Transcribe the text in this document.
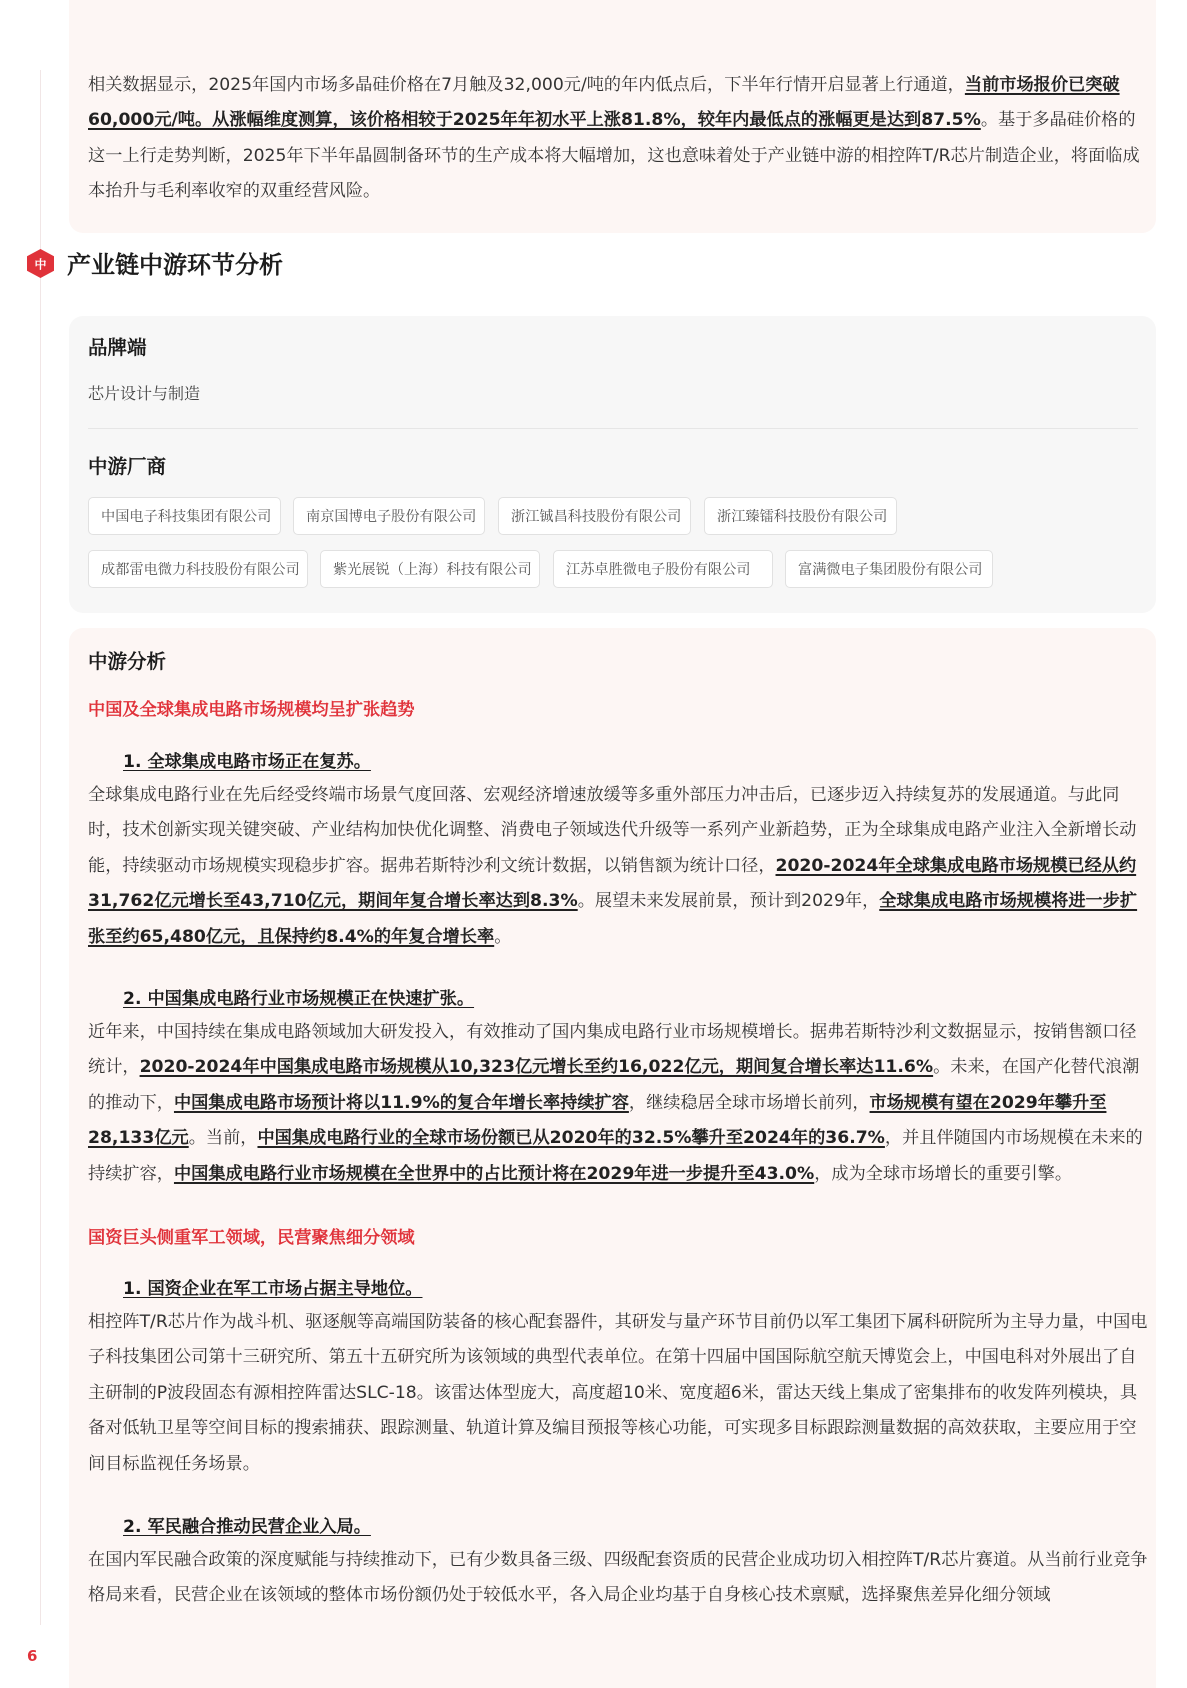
相关数据显示，2025年国内市场多晶硅价格在7月触及32,000元/吨的年内低点后，下半年行情开启显著上行通道，当前市场报价已突破60,000元/吨。从涨幅维度测算，该价格相较于2025年年初水平上涨81.8%，较年内最低点的涨幅更是达到87.5%。基于多晶硅价格的这一上行走势判断，2025年下半年晶圆制备环节的生产成本将大幅增加，这也意味着处于产业链中游的相控阵T/R芯片制造企业，将面临成本抬升与毛利率收窄的双重经营风险。

中 产业链中游环节分析
品牌端
芯片设计与制造
中游厂商
中国电子科技集团有限公司	南京国博电子股份有限公司	浙江铖昌科技股份有限公司	浙江臻镭科技股份有限公司
成都雷电微力科技股份有限公司	紫光展锐（上海）科技有限公司	江苏卓胜微电子股份有限公司	富满微电子集团股份有限公司
中游分析
中国及全球集成电路市场规模均呈扩张趋势
1. 全球集成电路市场正在复苏。

全球集成电路行业在先后经受终端市场景气度回落、宏观经济增速放缓等多重外部压力冲击后，已逐步迈入持续复苏的发展通道。与此同时，技术创新实现关键突破、产业结构加快优化调整、消费电子领域迭代升级等一系列产业新趋势，正为全球集成电路产业注入全新增长动能，持续驱动市场规模实现稳步扩容。据弗若斯特沙利文统计数据，以销售额为统计口径，2020-2024年全球集成电路市场规模已经从约31,762亿元增长至43,710亿元，期间年复合增长率达到8.3%。展望未来发展前景，预计到2029年，全球集成电路市场规模将进一步扩张至约65,480亿元，且保持约8.4%的年复合增长率。

2. 中国集成电路行业市场规模正在快速扩张。

近年来，中国持续在集成电路领域加大研发投入，有效推动了国内集成电路行业市场规模增长。据弗若斯特沙利文数据显示，按销售额口径统计，2020-2024年中国集成电路市场规模从10,323亿元增长至约16,022亿元，期间复合增长率达11.6%。未来，在国产化替代浪潮的推动下，中国集成电路市场预计将以11.9%的复合年增长率持续扩容，继续稳居全球市场增长前列，市场规模有望在2029年攀升至28,133亿元。当前，中国集成电路行业的全球市场份额已从2020年的32.5%攀升至2024年的36.7%，并且伴随国内市场规模在未来的持续扩容，中国集成电路行业市场规模在全世界中的占比预计将在2029年进一步提升至43.0%，成为全球市场增长的重要引擎。

国资巨头侧重军工领域，民营聚焦细分领域
1. 国资企业在军工市场占据主导地位。

相控阵T/R芯片作为战斗机、驱逐舰等高端国防装备的核心配套器件，其研发与量产环节目前仍以军工集团下属科研院所为主导力量，中国电子科技集团公司第十三研究所、第五十五研究所为该领域的典型代表单位。在第十四届中国国际航空航天博览会上，中国电科对外展出了自主研制的P波段固态有源相控阵雷达SLC-18。该雷达体型庞大，高度超10米、宽度超6米，雷达天线上集成了密集排布的收发阵列模块，具备对低轨卫星等空间目标的搜索捕获、跟踪测量、轨道计算及编目预报等核心功能，可实现多目标跟踪测量数据的高效获取，主要应用于空间目标监视任务场景。

2. 军民融合推动民营企业入局。

在国内军民融合政策的深度赋能与持续推动下，已有少数具备三级、四级配套资质的民营企业成功切入相控阵T/R芯片赛道。从当前行业竞争格局来看，民营企业在该领域的整体市场份额仍处于较低水平，各入局企业均基于自身核心技术禀赋，选择聚焦差异化细分领域

6
